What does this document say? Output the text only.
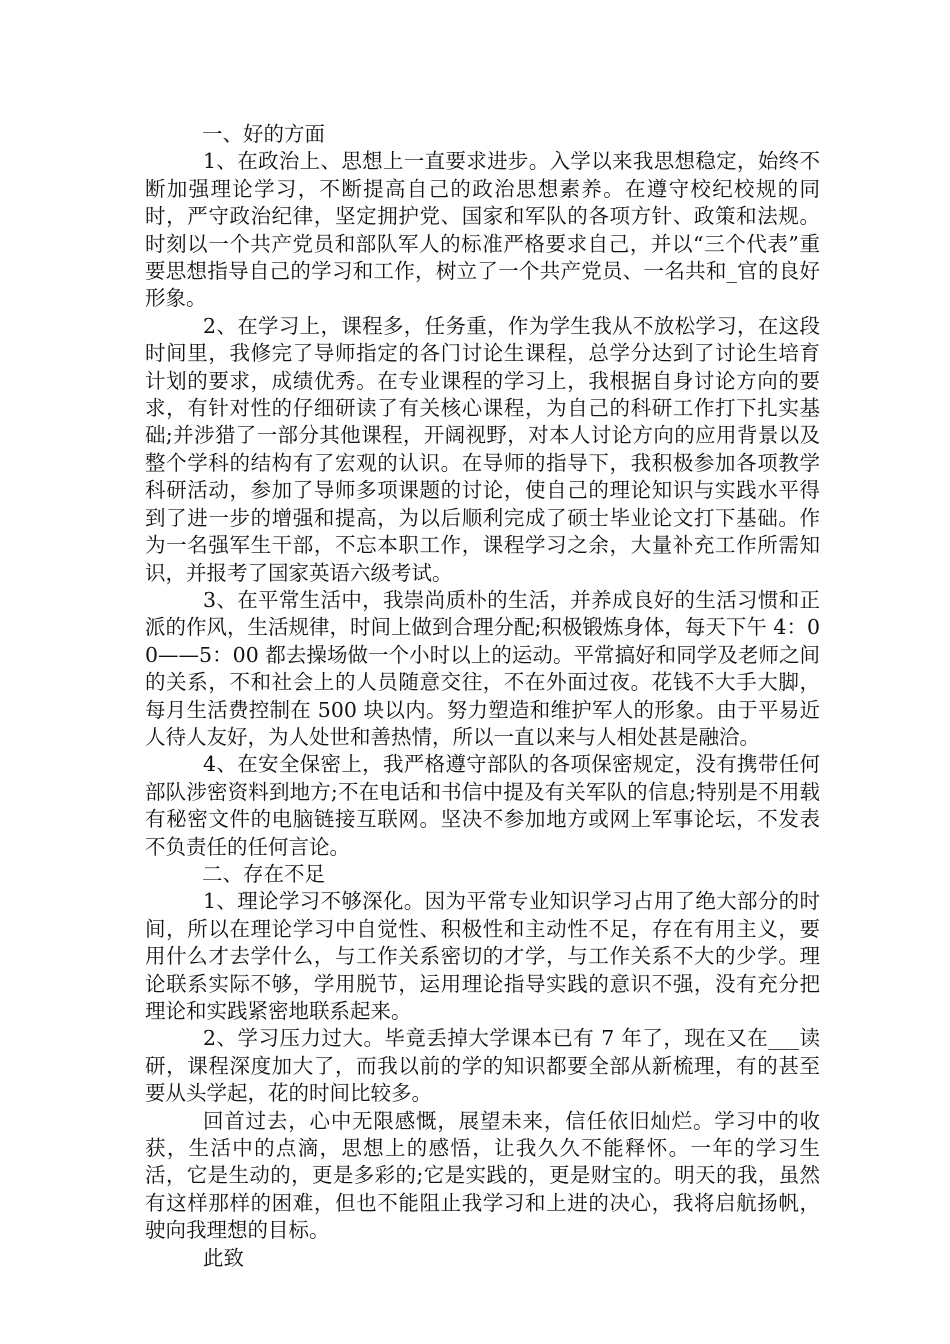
一、好的方面

1、在政治上、思想上一直要求进步。入学以来我思想稳定，始终不断加强理论学习，不断提高自己的政治思想素养。在遵守校纪校规的同时，严守政治纪律，坚定拥护党、国家和军队的各项方针、政策和法规。时刻以一个共产党员和部队军人的标准严格要求自己，并以“三个代表”重要思想指导自己的学习和工作，树立了一个共产党员、一名共和_官的良好形象。

2、在学习上，课程多，任务重，作为学生我从不放松学习，在这段时间里，我修完了导师指定的各门讨论生课程，总学分达到了讨论生培育计划的要求，成绩优秀。在专业课程的学习上，我根据自身讨论方向的要求，有针对性的仔细研读了有关核心课程，为自己的科研工作打下扎实基础;并涉猎了一部分其他课程，开阔视野，对本人讨论方向的应用背景以及整个学科的结构有了宏观的认识。在导师的指导下，我积极参加各项教学科研活动，参加了导师多项课题的讨论，使自己的理论知识与实践水平得到了进一步的增强和提高，为以后顺利完成了硕士毕业论文打下基础。作为一名强军生干部，不忘本职工作，课程学习之余，大量补充工作所需知识，并报考了国家英语六级考试。

3、在平常生活中，我崇尚质朴的生活，并养成良好的生活习惯和正派的作风，生活规律，时间上做到合理分配;积极锻炼身体，每天下午 4：00——5：00 都去操场做一个小时以上的运动。平常搞好和同学及老师之间的关系，不和社会上的人员随意交往，不在外面过夜。花钱不大手大脚，每月生活费控制在 500 块以内。努力塑造和维护军人的形象。由于平易近人待人友好，为人处世和善热情，所以一直以来与人相处甚是融洽。

4、在安全保密上，我严格遵守部队的各项保密规定，没有携带任何部队涉密资料到地方;不在电话和书信中提及有关军队的信息;特别是不用载有秘密文件的电脑链接互联网。坚决不参加地方或网上军事论坛，不发表不负责任的任何言论。

二、存在不足

1、理论学习不够深化。因为平常专业知识学习占用了绝大部分的时间，所以在理论学习中自觉性、积极性和主动性不足，存在有用主义，要用什么才去学什么，与工作关系密切的才学，与工作关系不大的少学。理论联系实际不够，学用脱节，运用理论指导实践的意识不强，没有充分把理论和实践紧密地联系起来。

2、学习压力过大。毕竟丢掉大学课本已有 7 年了，现在又在___读研，课程深度加大了，而我以前的学的知识都要全部从新梳理，有的甚至要从头学起，花的时间比较多。

回首过去，心中无限感慨，展望未来，信任依旧灿烂。学习中的收获，生活中的点滴，思想上的感悟，让我久久不能释怀。一年的学习生活，它是生动的，更是多彩的;它是实践的，更是财宝的。明天的我，虽然有这样那样的困难，但也不能阻止我学习和上进的决心，我将启航扬帆，驶向我理想的目标。

此致
